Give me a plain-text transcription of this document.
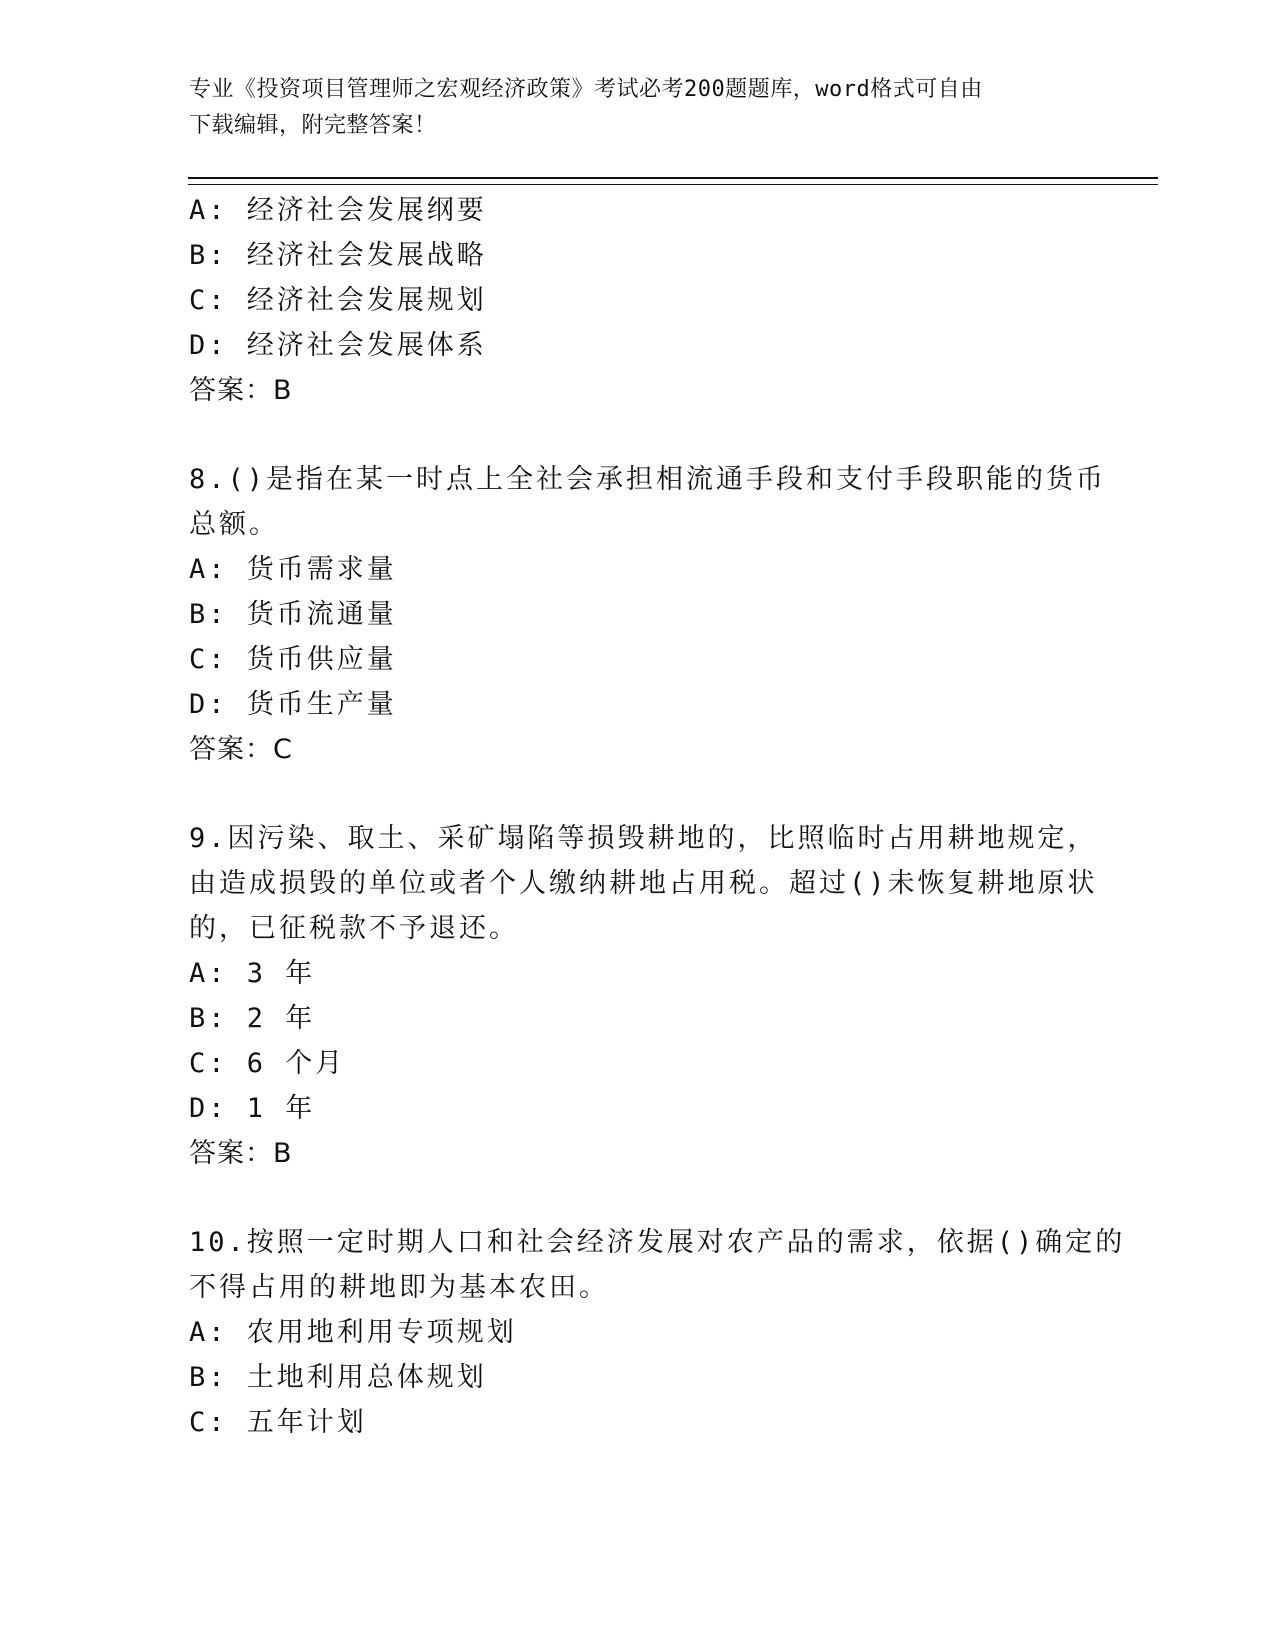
专业《投资项目管理师之宏观经济政策》考试必考200题题库，word格式可自由
下载编辑，附完整答案！
A: 经济社会发展纲要
B: 经济社会发展战略
C: 经济社会发展规划
D: 经济社会发展体系
答案：B
8.()是指在某一时点上全社会承担相流通手段和支付手段职能的货币
总额。
A: 货币需求量
B: 货币流通量
C: 货币供应量
D: 货币生产量
答案：C
9.因污染、取土、采矿塌陷等损毁耕地的，比照临时占用耕地规定，
由造成损毁的单位或者个人缴纳耕地占用税。超过()未恢复耕地原状
的，已征税款不予退还。
A: 3 年
B: 2 年
C: 6 个月
D: 1 年
答案：B
10.按照一定时期人口和社会经济发展对农产品的需求，依据()确定的
不得占用的耕地即为基本农田。
A: 农用地利用专项规划
B: 土地利用总体规划
C: 五年计划
